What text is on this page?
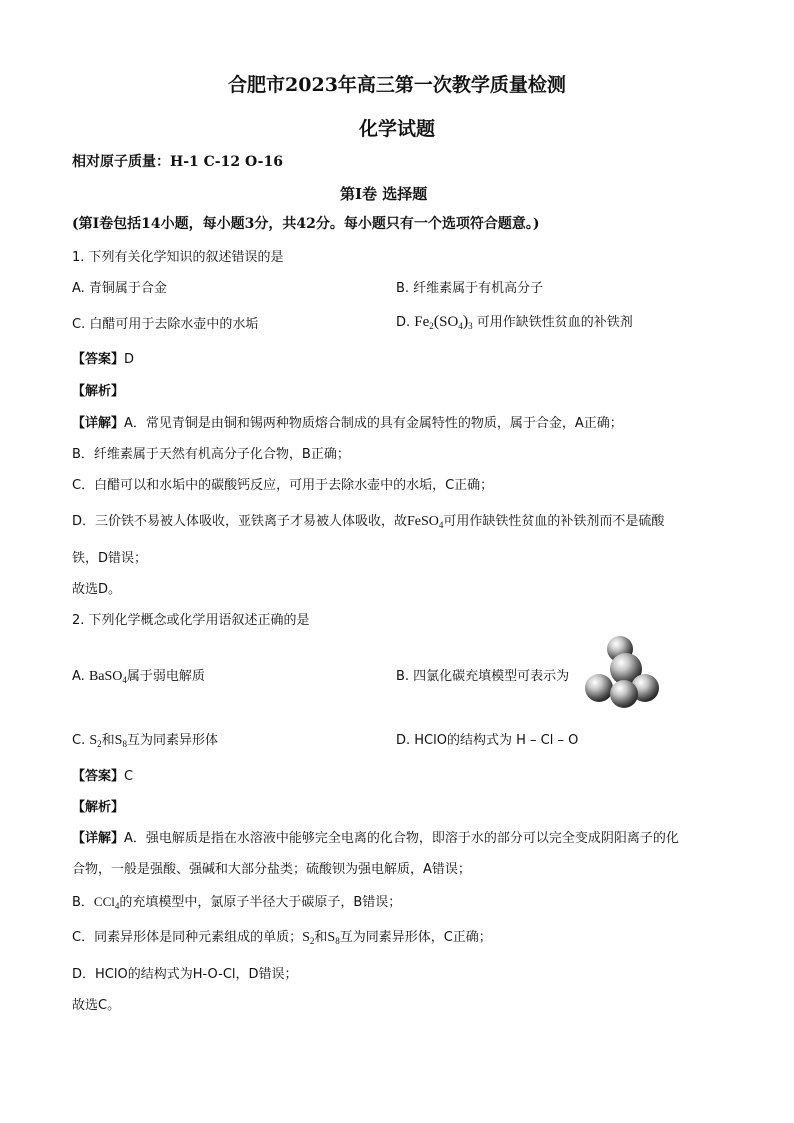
合肥市2023年高三第一次教学质量检测
化学试题
相对原子质量：H-1 C-12 O-16
第I卷 选择题
(第I卷包括14小题，每小题3分，共42分。每小题只有一个选项符合题意。)
1. 下列有关化学知识的叙述错误的是
A. 青铜属于合金	B. 纤维素属于有机高分子
C. 白醋可用于去除水壶中的水垢	D. $Fe_2(SO_4)_3$ 可用作缺铁性贫血的补铁剂
【答案】D
【解析】
【详解】A．常见青铜是由铜和锡两种物质熔合制成的具有金属特性的物质，属于合金，A正确；
B．纤维素属于天然有机高分子化合物，B正确；
C．白醋可以和水垢中的碳酸钙反应，可用于去除水壶中的水垢，C正确；
D．三价铁不易被人体吸收，亚铁离子才易被人体吸收，故FeSO$_4$可用作缺铁性贫血的补铁剂而不是硫酸
铁，D错误；
故选D。
2. 下列化学概念或化学用语叙述正确的是
A. BaSO$_4$属于弱电解质	B. 四氯化碳充填模型可表示为
C. $S_2$和$S_8$互为同素异形体	D. HClO的结构式为 H – Cl – O
【答案】C
【解析】
【详解】A．强电解质是指在水溶液中能够完全电离的化合物，即溶于水的部分可以完全变成阴阳离子的化
合物，一般是强酸、强碱和大部分盐类；硫酸钡为强电解质，A错误；
B．CCl$_4$的充填模型中，氯原子半径大于碳原子，B错误；
C．同素异形体是同种元素组成的单质；$S_2$和$S_8$互为同素异形体，C正确；
D．HClO的结构式为H-O-Cl，D错误；
故选C。
